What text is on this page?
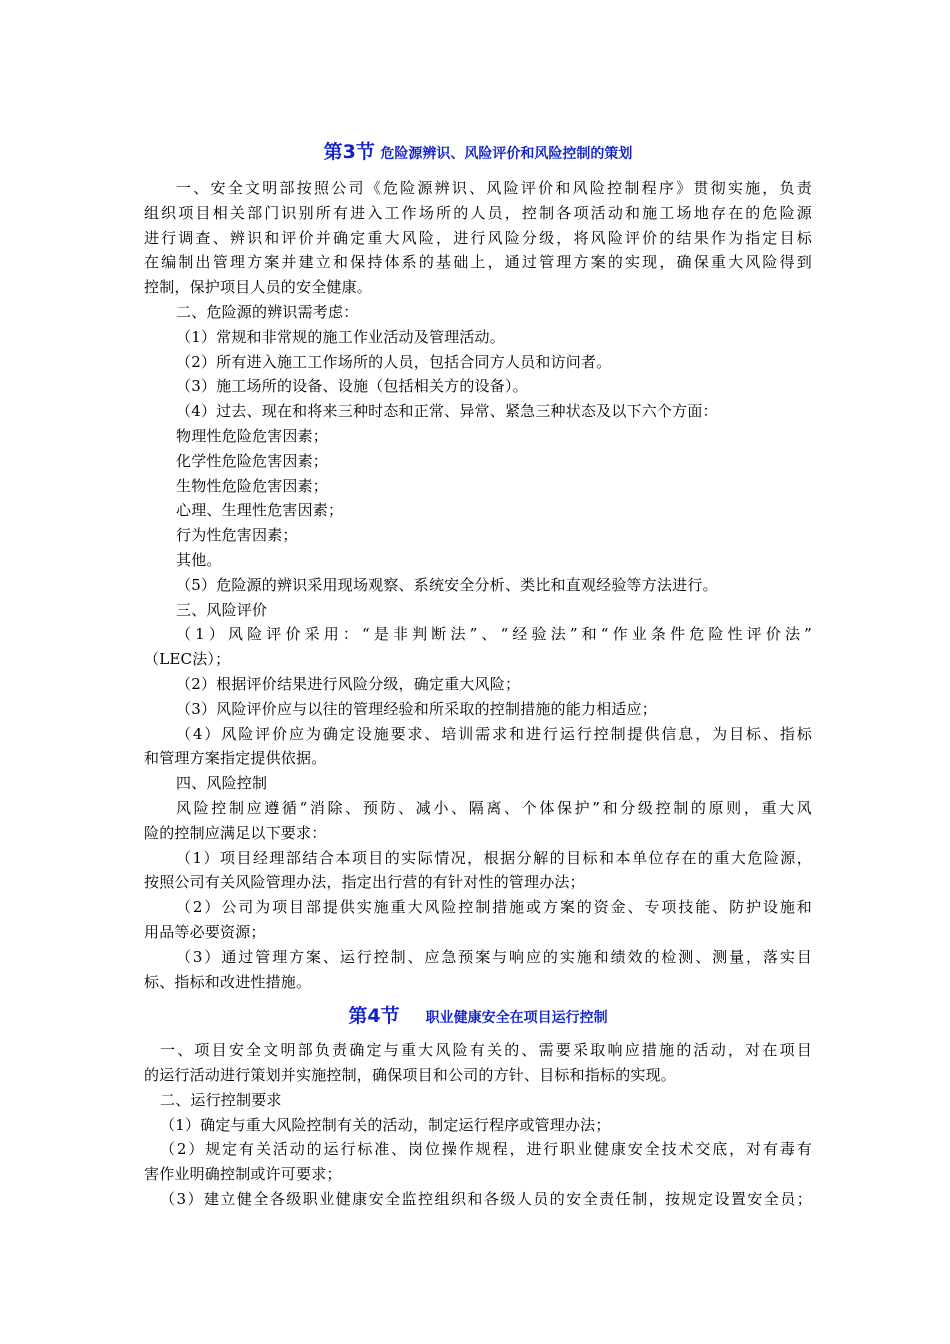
第3节 危险源辨识、风险评价和风险控制的策划
一、安全文明部按照公司《危险源辨识、风险评价和风险控制程序》贯彻实施，负责
组织项目相关部门识别所有进入工作场所的人员，控制各项活动和施工场地存在的危险源
进行调查、辨识和评价并确定重大风险，进行风险分级，将风险评价的结果作为指定目标
在编制出管理方案并建立和保持体系的基础上，通过管理方案的实现，确保重大风险得到
控制，保护项目人员的安全健康。
二、危险源的辨识需考虑：
（1）常规和非常规的施工作业活动及管理活动。
（2）所有进入施工工作场所的人员，包括合同方人员和访问者。
（3）施工场所的设备、设施（包括相关方的设备）。
（4）过去、现在和将来三种时态和正常、异常、紧急三种状态及以下六个方面：
物理性危险危害因素；
化学性危险危害因素；
生物性危险危害因素；
心理、生理性危害因素；
行为性危害因素；
其他。
（5）危险源的辨识采用现场观察、系统安全分析、类比和直观经验等方法进行。
三、风险评价
（1）风险评价采用：“是非判断法”、“经验法”和“作业条件危险性评价法”
（LEC法）；
（2）根据评价结果进行风险分级，确定重大风险；
（3）风险评价应与以往的管理经验和所采取的控制措施的能力相适应；
（4）风险评价应为确定设施要求、培训需求和进行运行控制提供信息，为目标、指标
和管理方案指定提供依据。
四、风险控制
风险控制应遵循“消除、预防、减小、隔离、个体保护”和分级控制的原则，重大风
险的控制应满足以下要求：
（1）项目经理部结合本项目的实际情况，根据分解的目标和本单位存在的重大危险源，
按照公司有关风险管理办法，指定出行营的有针对性的管理办法；
（2）公司为项目部提供实施重大风险控制措施或方案的资金、专项技能、防护设施和
用品等必要资源；
（3）通过管理方案、运行控制、应急预案与响应的实施和绩效的检测、测量，落实目
标、指标和改进性措施。
第4节 职业健康安全在项目运行控制
一、项目安全文明部负责确定与重大风险有关的、需要采取响应措施的活动，对在项目
的运行活动进行策划并实施控制，确保项目和公司的方针、目标和指标的实现。
二、运行控制要求
（1）确定与重大风险控制有关的活动，制定运行程序或管理办法；
（2）规定有关活动的运行标准、岗位操作规程，进行职业健康安全技术交底，对有毒有
害作业明确控制或许可要求；
（3）建立健全各级职业健康安全监控组织和各级人员的安全责任制，按规定设置安全员；
